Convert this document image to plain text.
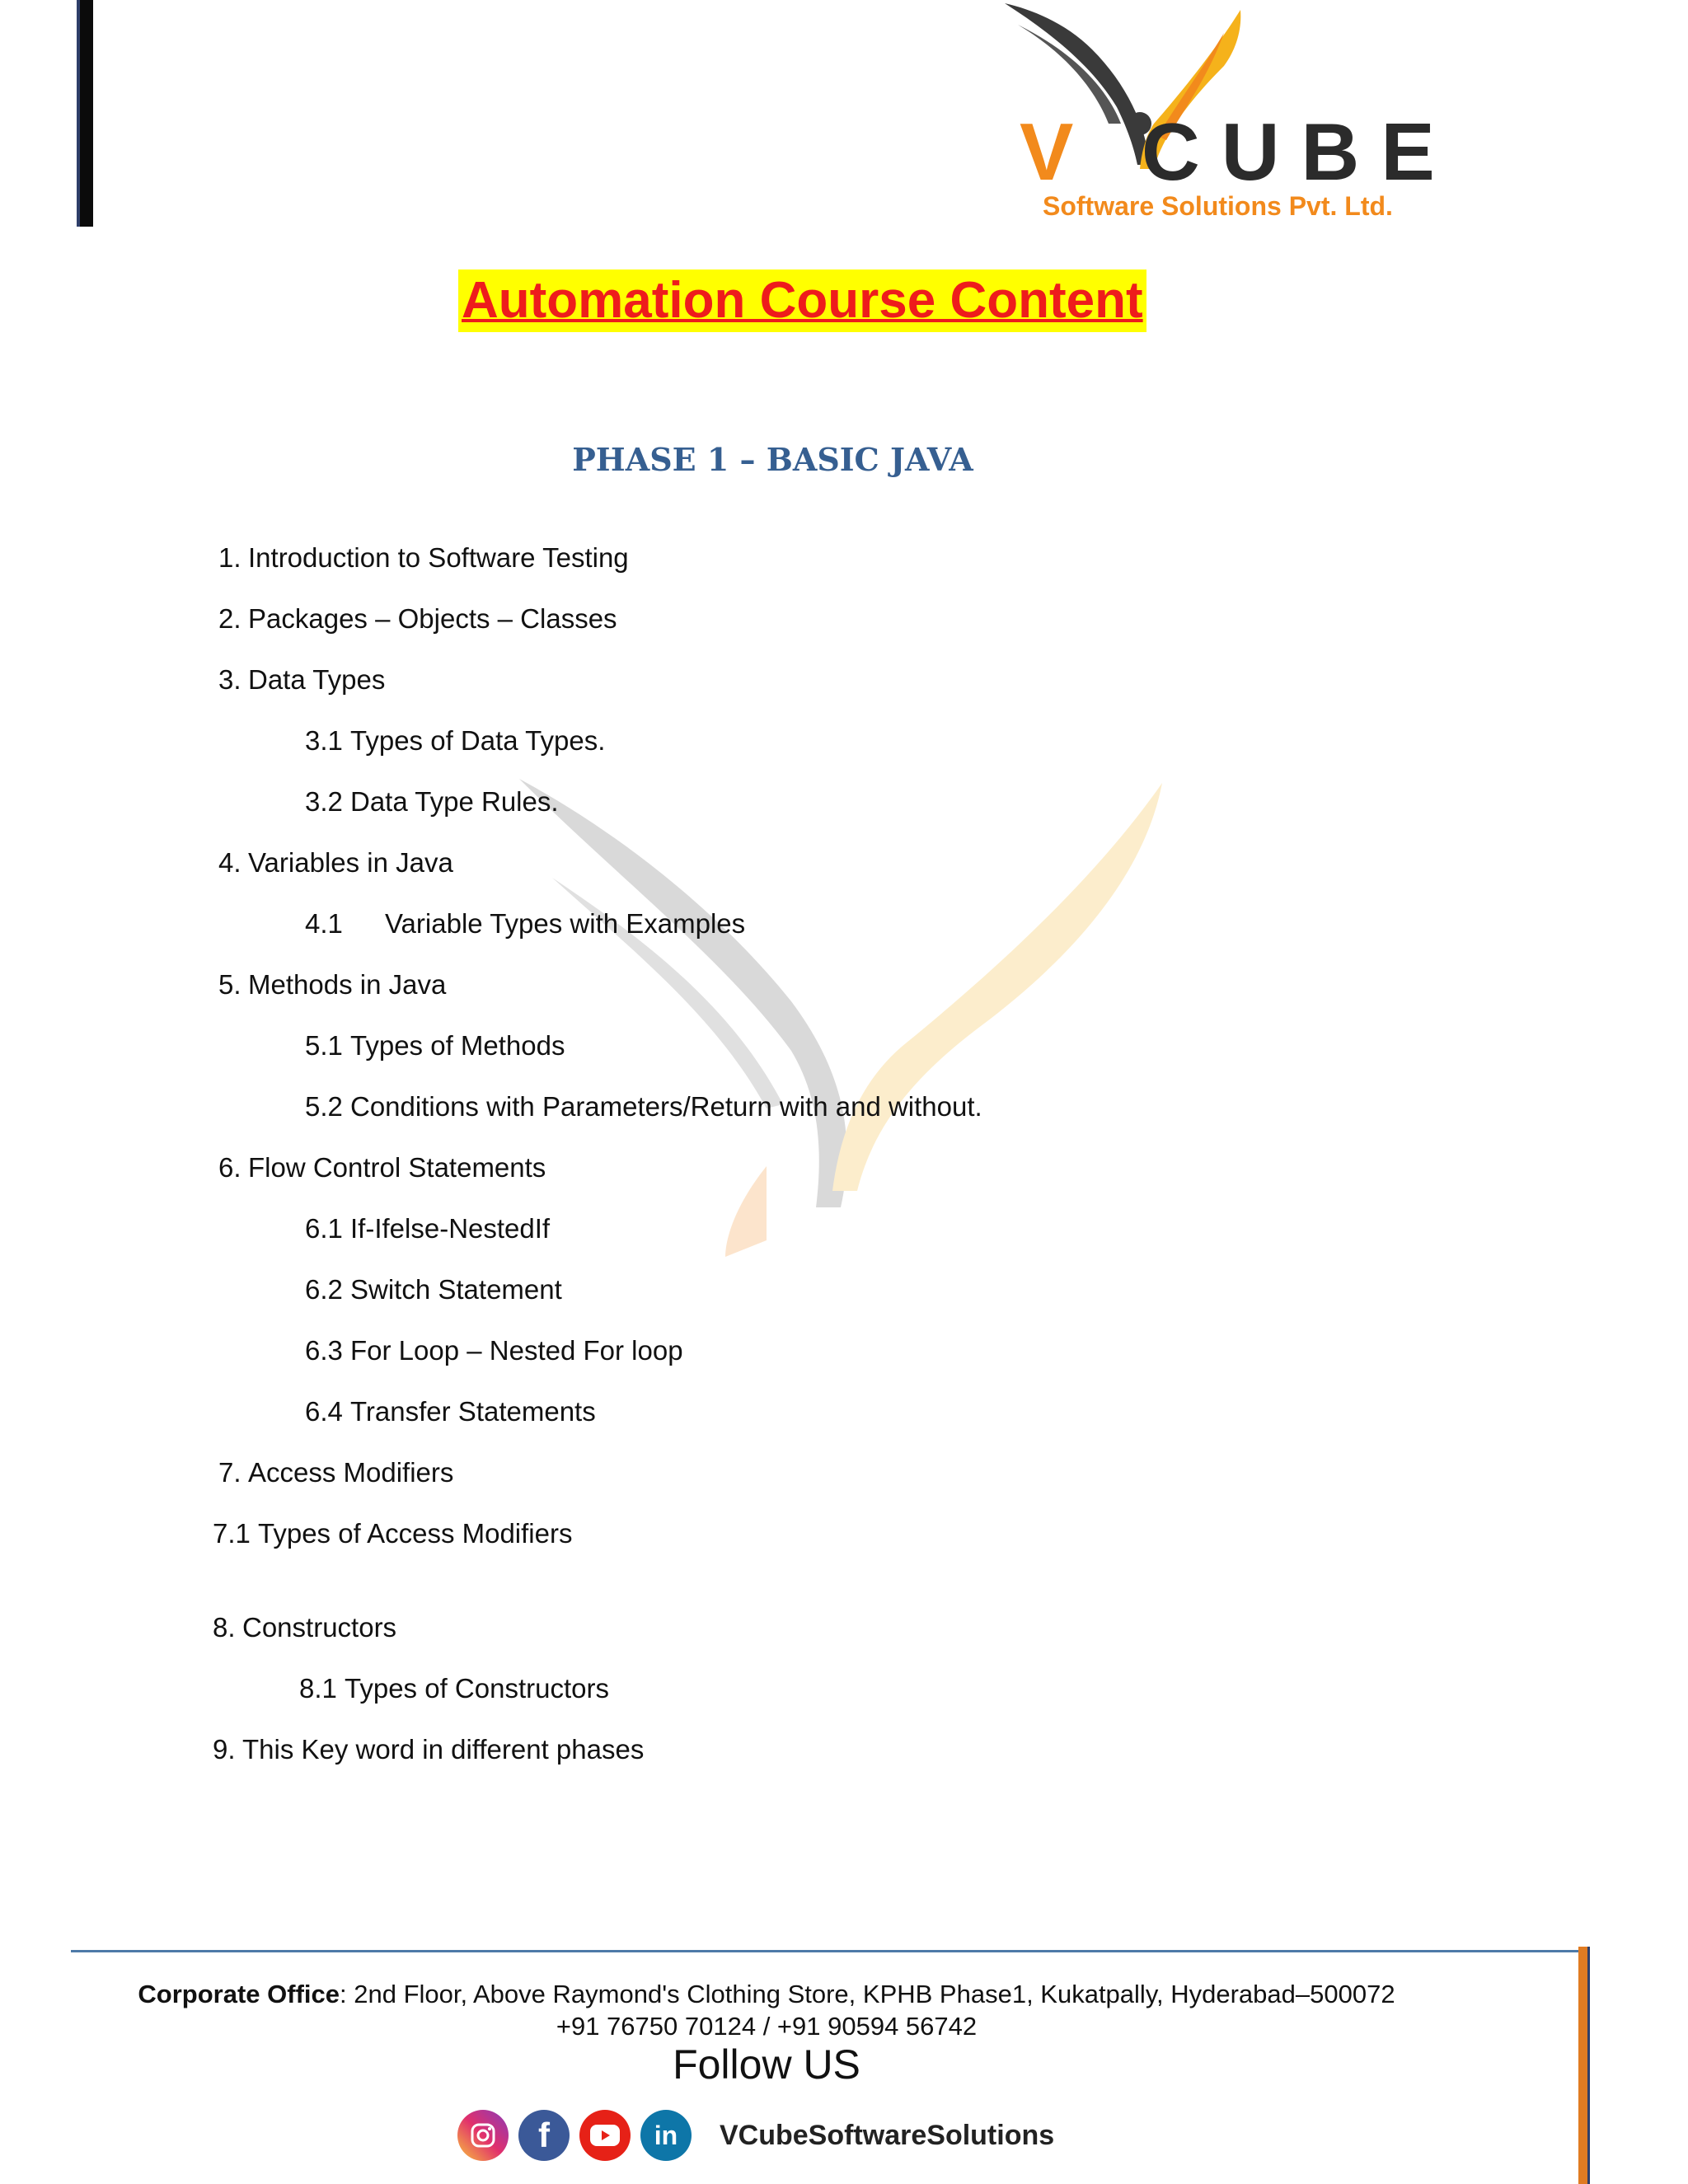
V CUBE
Software Solutions Pvt. Ltd.
Automation Course Content
PHASE 1 – BASIC JAVA
1. Introduction to Software Testing
2. Packages – Objects – Classes
3. Data Types
3.1 Types of Data Types.
3.2 Data Type Rules.
4. Variables in Java
4.1 Variable Types with Examples
5. Methods in Java
5.1 Types of Methods
5.2 Conditions with Parameters/Return with and without.
6. Flow Control Statements
6.1 If-Ifelse-NestedIf
6.2 Switch Statement
6.3 For Loop – Nested For loop
6.4 Transfer Statements
7. Access Modifiers
7.1 Types of Access Modifiers
8. Constructors
8.1 Types of Constructors
9. This Key word in different phases
Corporate Office: 2nd Floor, Above Raymond's Clothing Store, KPHB Phase1, Kukatpally, Hyderabad–500072
+91 76750 70124 / +91 90594 56742
Follow US
f	in	VCubeSoftwareSolutions
